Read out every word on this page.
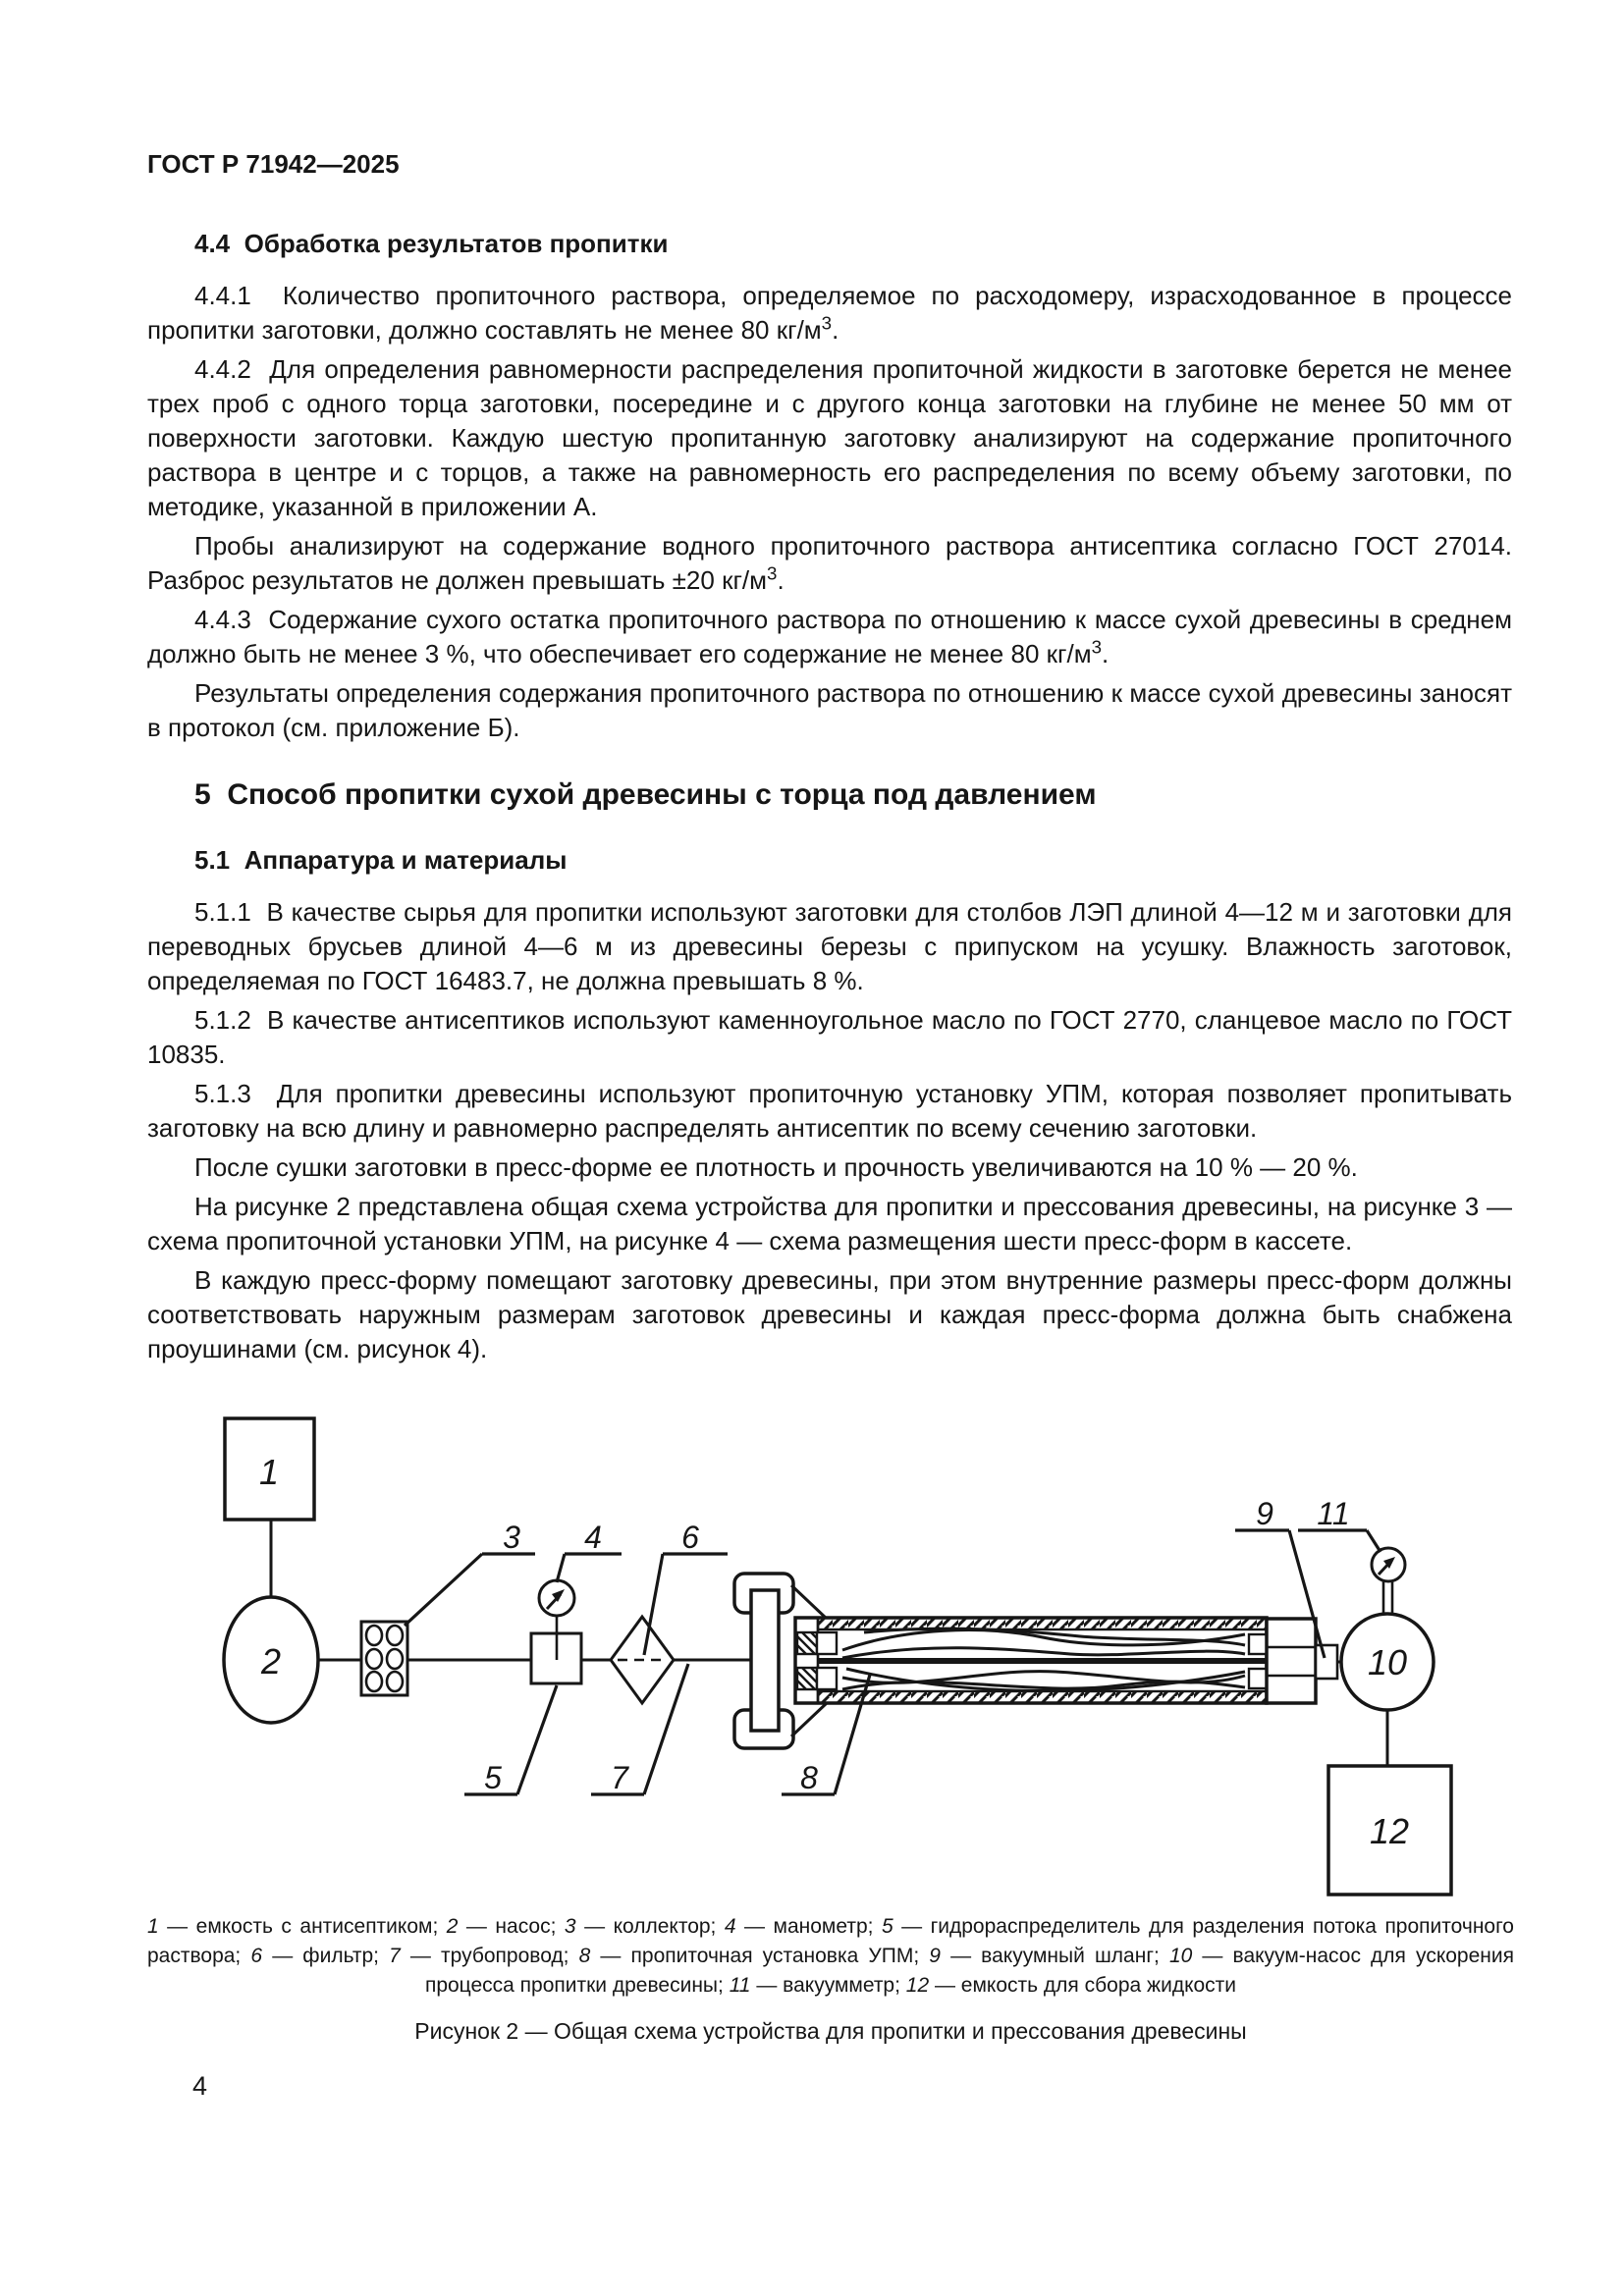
ГОСТ Р 71942—2025
4.4  Обработка результатов пропитки
4.4.1  Количество пропиточного раствора, определяемое по расходомеру, израсходованное в процессе пропитки заготовки, должно составлять не менее 80 $кг/м^3$.
4.4.2  Для определения равномерности распределения пропиточной жидкости в заготовке берется не менее трех проб с одного торца заготовки, посередине и с другого конца заготовки на глубине не менее 50 мм от поверхности заготовки. Каждую шестую пропитанную заготовку анализируют на содержание пропиточного раствора в центре и с торцов, а также на равномерность его распределения по всему объему заготовки, по методике, указанной в приложении А.
Пробы анализируют на содержание водного пропиточного раствора антисептика согласно ГОСТ 27014. Разброс результатов не должен превышать ±20 $кг/м^3$.
4.4.3  Содержание сухого остатка пропиточного раствора по отношению к массе сухой древесины в среднем должно быть не менее 3 %, что обеспечивает его содержание не менее 80 $кг/м^3$.
Результаты определения содержания пропиточного раствора по отношению к массе сухой древесины заносят в протокол (см. приложение Б).
5  Способ пропитки сухой древесины с торца под давлением
5.1  Аппаратура и материалы
5.1.1  В качестве сырья для пропитки используют заготовки для столбов ЛЭП длиной 4—12 м и заготовки для переводных брусьев длиной 4—6 м из древесины березы с припуском на усушку. Влажность заготовок, определяемая по ГОСТ 16483.7, не должна превышать 8 %.
5.1.2  В качестве антисептиков используют каменноугольное масло по ГОСТ 2770, сланцевое масло по ГОСТ 10835.
5.1.3  Для пропитки древесины используют пропиточную установку УПМ, которая позволяет пропитывать заготовку на всю длину и равномерно распределять антисептик по всему сечению заготовки.
После сушки заготовки в пресс-форме ее плотность и прочность увеличиваются на 10 % — 20 %.
На рисунке 2 представлена общая схема устройства для пропитки и прессования древесины, на рисунке 3 — схема пропиточной установки УПМ, на рисунке 4 — схема размещения шести пресс-форм в кассете.
В каждую пресс-форму помещают заготовку древесины, при этом внутренние размеры пресс-форм должны соответствовать наружным размерам заготовок древесины и каждая пресс-форма должна быть снабжена проушинами (см. рисунок 4).
1
2	10
12
3 4	6
5	7	8
9 11
1 — емкость с антисептиком; 2 — насос; 3 — коллектор; 4 — манометр; 5 — гидрораспределитель для разделения потока пропиточного раствора; 6 — фильтр; 7 — трубопровод; 8 — пропиточная установка УПМ; 9 — вакуумный шланг; 10 — вакуум-насос для ускорения процесса пропитки древесины; 11 — вакуумметр; 12 — емкость для сбора жидкости
Рисунок 2 — Общая схема устройства для пропитки и прессования древесины
4
